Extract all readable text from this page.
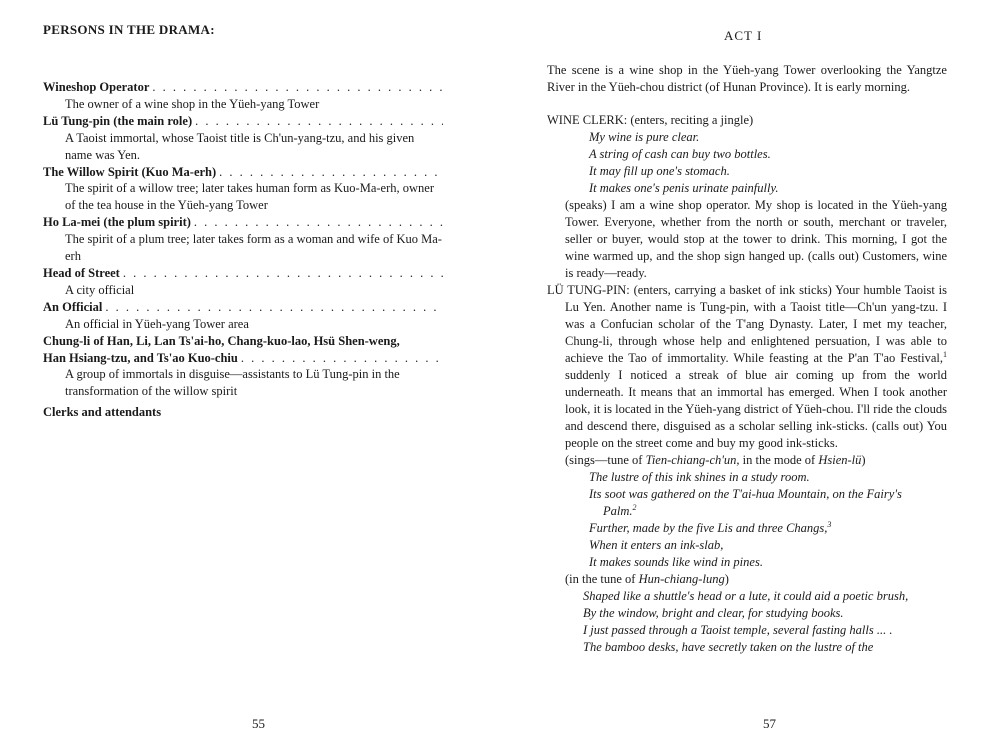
PERSONS IN THE DRAMA:
Wineshop Operator
. . .
The owner of a wine shop in the Yüeh-yang Tower
Lü Tung-pin (the main role)
. . .
A Taoist immortal, whose Taoist title is Ch'un-yang-tzu, and his given name was Yen.
The Willow Spirit (Kuo Ma-erh)
. . .
The spirit of a willow tree; later takes human form as Kuo-Ma-erh, owner of the tea house in the Yüeh-yang Tower
Ho La-mei (the plum spirit)
. . .
The spirit of a plum tree; later takes form as a woman and wife of Kuo Ma-erh
Head of Street
. . .
A city official
An Official
. . .
An official in Yüeh-yang Tower area
Chung-li of Han, Li, Lan Ts'ai-ho, Chang-kuo-lao, Hsü Shen-weng,
Han Hsiang-tzu, and Ts'ao Kuo-chiu
. . .
A group of immortals in disguise—assistants to Lü Tung-pin in the transformation of the willow spirit
Clerks and attendants
55
ACT I

The scene is a wine shop in the Yüeh-yang Tower overlooking the Yangtze River in the Yüeh-chou district (of Hunan Province). It is early morning.

WINE CLERK: (enters, reciting a jingle)

My wine is pure clear.

A string of cash can buy two bottles.

It may fill up one's stomach.

It makes one's penis urinate painfully.

(speaks) I am a wine shop operator. My shop is located in the Yüeh-yang Tower. Everyone, whether from the north or south, merchant or traveler, seller or buyer, would stop at the tower to drink. This morning, I got the wine warmed up, and the shop sign hanged up. (calls out) Customers, wine is ready—ready.

LÜ TUNG-PIN: (enters, carrying a basket of ink sticks) Your humble Taoist is Lu Yen. Another name is Tung-pin, with a Taoist title—Ch'un yang-tzu. I was a Confucian scholar of the T'ang Dynasty. Later, I met my teacher, Chung-li, through whose help and enlightened persuation, I was able to achieve the Tao of immortality. While feasting at the P'an T'ao Festival,$^1$ suddenly I noticed a streak of blue air coming up from the world underneath. It means that an immortal has emerged. When I took another look, it is located in the Yüeh-yang district of Yüeh-chou. I'll ride the clouds and descend there, disguised as a scholar selling ink-sticks. (calls out) You people on the street come and buy my good ink-sticks.

(sings—tune of Tien-chiang-ch'un, in the mode of Hsien-lü)

The lustre of this ink shines in a study room.

Its soot was gathered on the T'ai-hua Mountain, on the Fairy's

Palm.$^2$

Further, made by the five Lis and three Changs,$^3$

When it enters an ink-slab,

It makes sounds like wind in pines.

(in the tune of Hun-chiang-lung)

Shaped like a shuttle's head or a lute, it could aid a poetic brush,

By the window, bright and clear, for studying books.

I just passed through a Taoist temple, several fasting halls ... .

The bamboo desks, have secretly taken on the lustre of the

57
